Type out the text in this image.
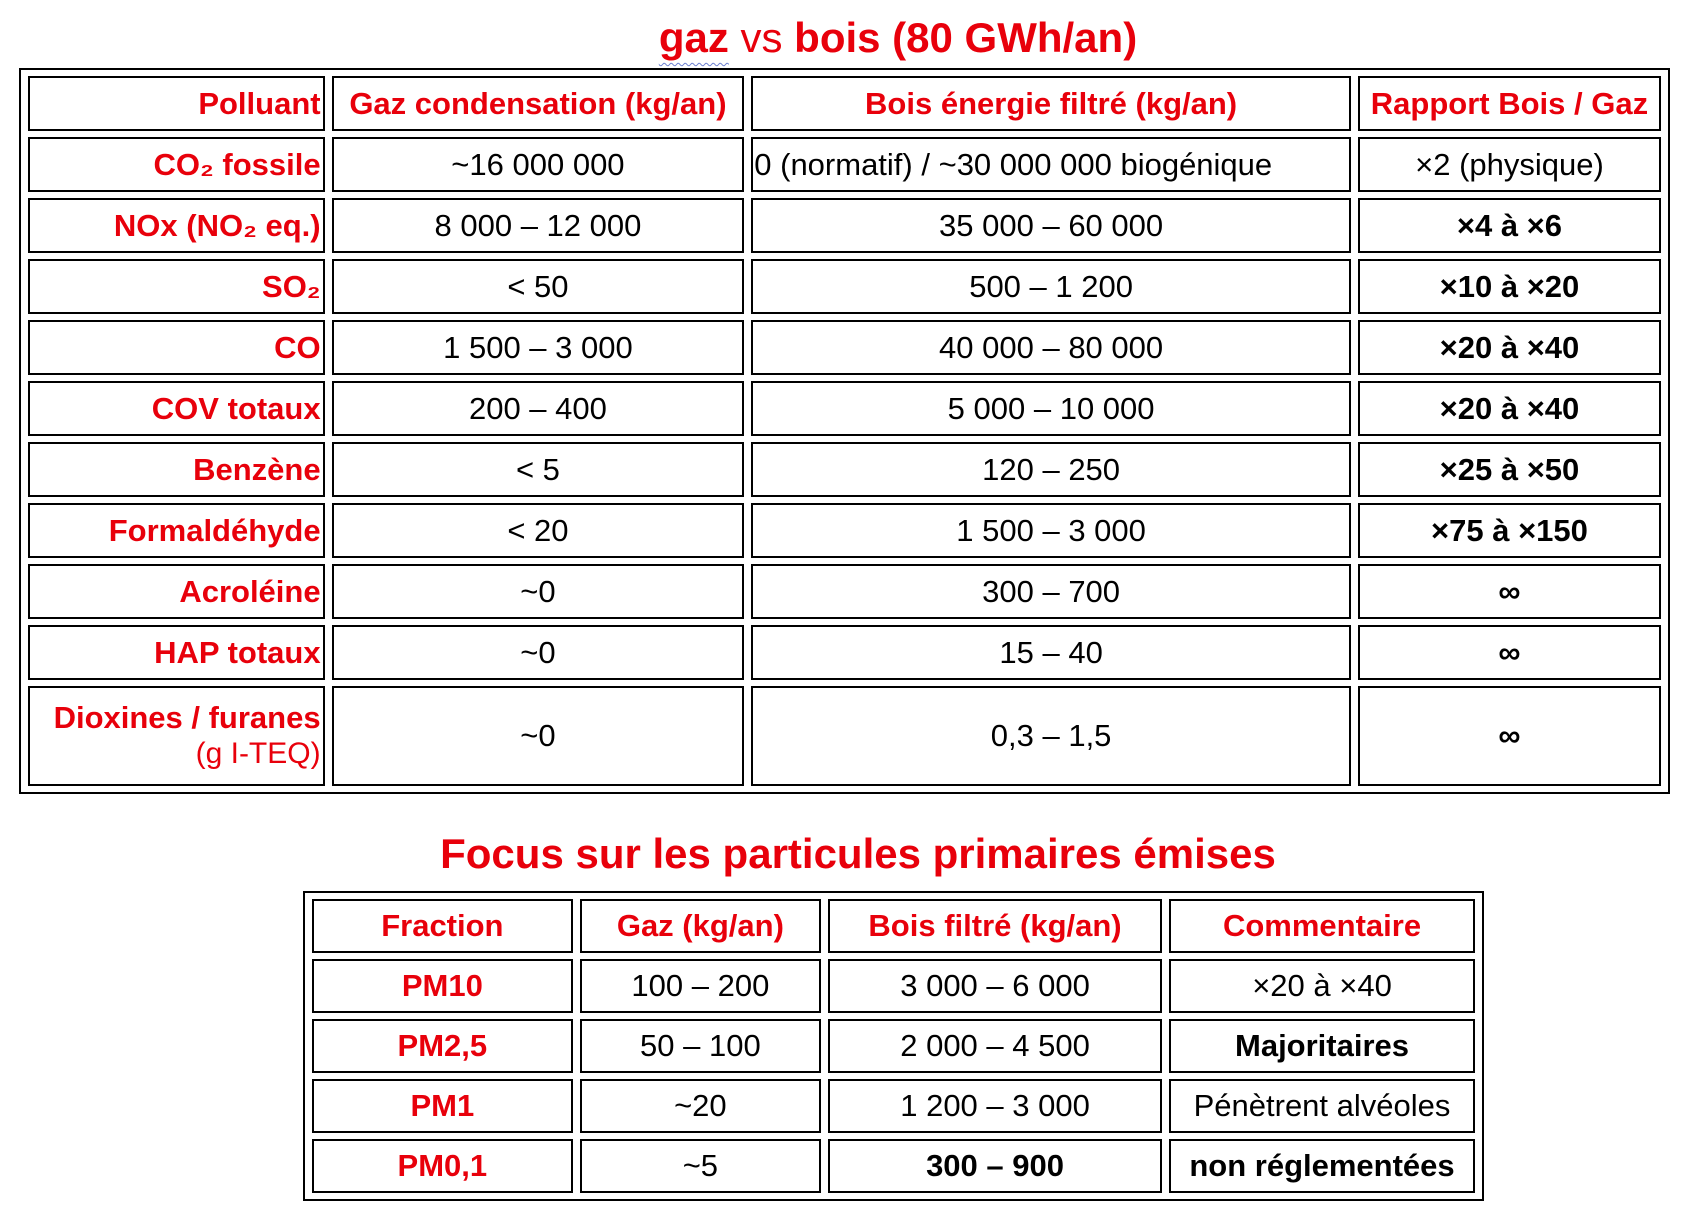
gaz vs bois (80 GWh/an)
Polluant	Gaz condensation (kg/an)	Bois énergie filtré (kg/an)	Rapport Bois / Gaz
CO₂ fossile	~16 000 000	0 (normatif) / ~30 000 000 biogénique	×2 (physique)
NOx (NO₂ eq.)	8 000 – 12 000	35 000 – 60 000	×4 à ×6
SO₂	< 50	500 – 1 200	×10 à ×20
CO	1 500 – 3 000	40 000 – 80 000	×20 à ×40
COV totaux	200 – 400	5 000 – 10 000	×20 à ×40
Benzène	< 5	120 – 250	×25 à ×50
Formaldéhyde	< 20	1 500 – 3 000	×75 à ×150
Acroléine	~0	300 – 700	∞
HAP totaux	~0	15 – 40	∞
Dioxines / furanes
(g I-TEQ)	~0	0,3 – 1,5	∞
Focus sur les particules primaires émises
Fraction	Gaz (kg/an)	Bois filtré (kg/an)	Commentaire
PM10	100 – 200	3 000 – 6 000	×20 à ×40
PM2,5	50 – 100	2 000 – 4 500	Majoritaires
PM1	~20	1 200 – 3 000	Pénètrent alvéoles
PM0,1	~5	300 – 900	non réglementées
